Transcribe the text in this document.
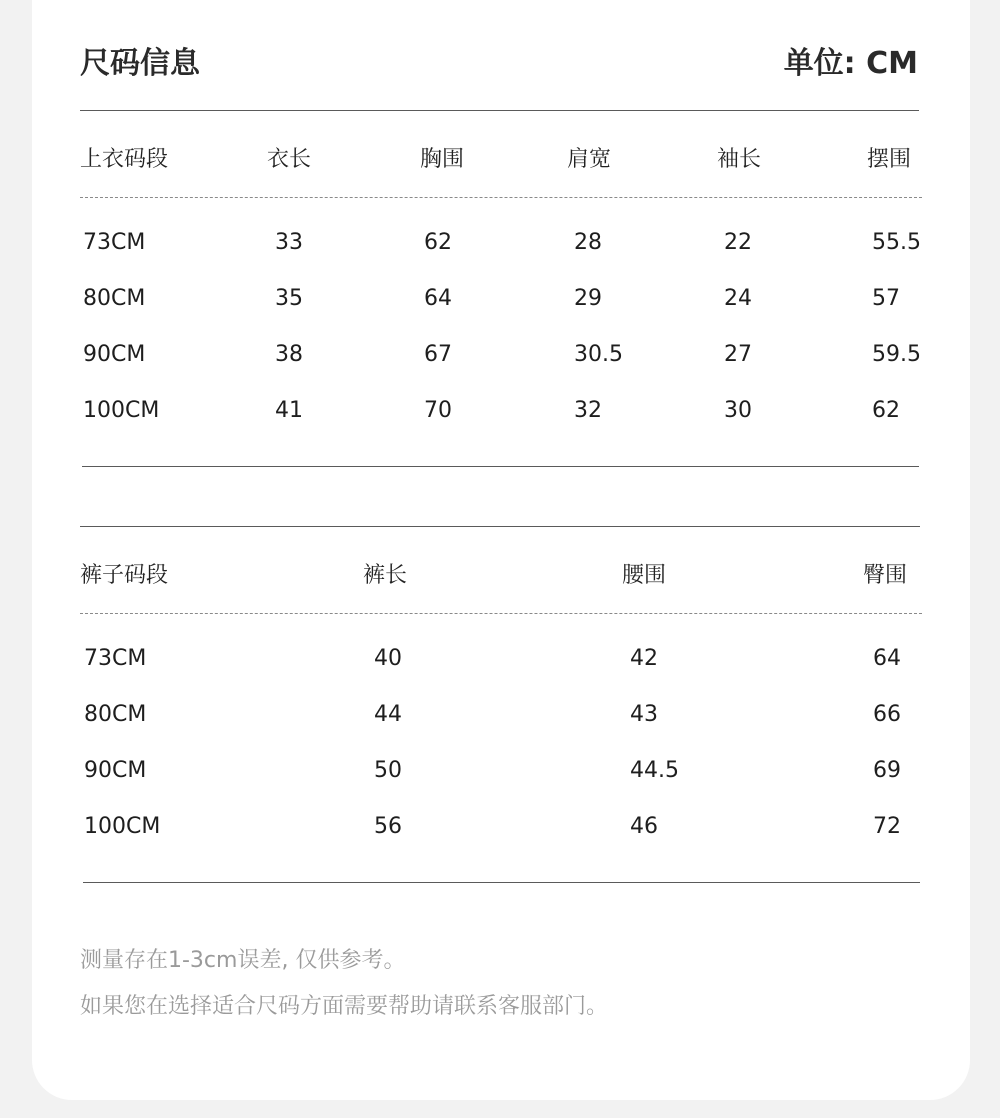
尺码信息	单位: CM
上衣码段	衣长	胸围	肩宽	袖长	摆围
73CM	33	62	28	22	55.5
80CM	35	64	29	24	57
90CM	38	67	30.5	27	59.5
100CM	41	70	32	30	62
裤子码段	裤长	腰围	臀围
73CM	40	42	64
80CM	44	43	66
90CM	50	44.5	69
100CM	56	46	72
测量存在1-3cm误差, 仅供参考。
如果您在选择适合尺码方面需要帮助请联系客服部门。
